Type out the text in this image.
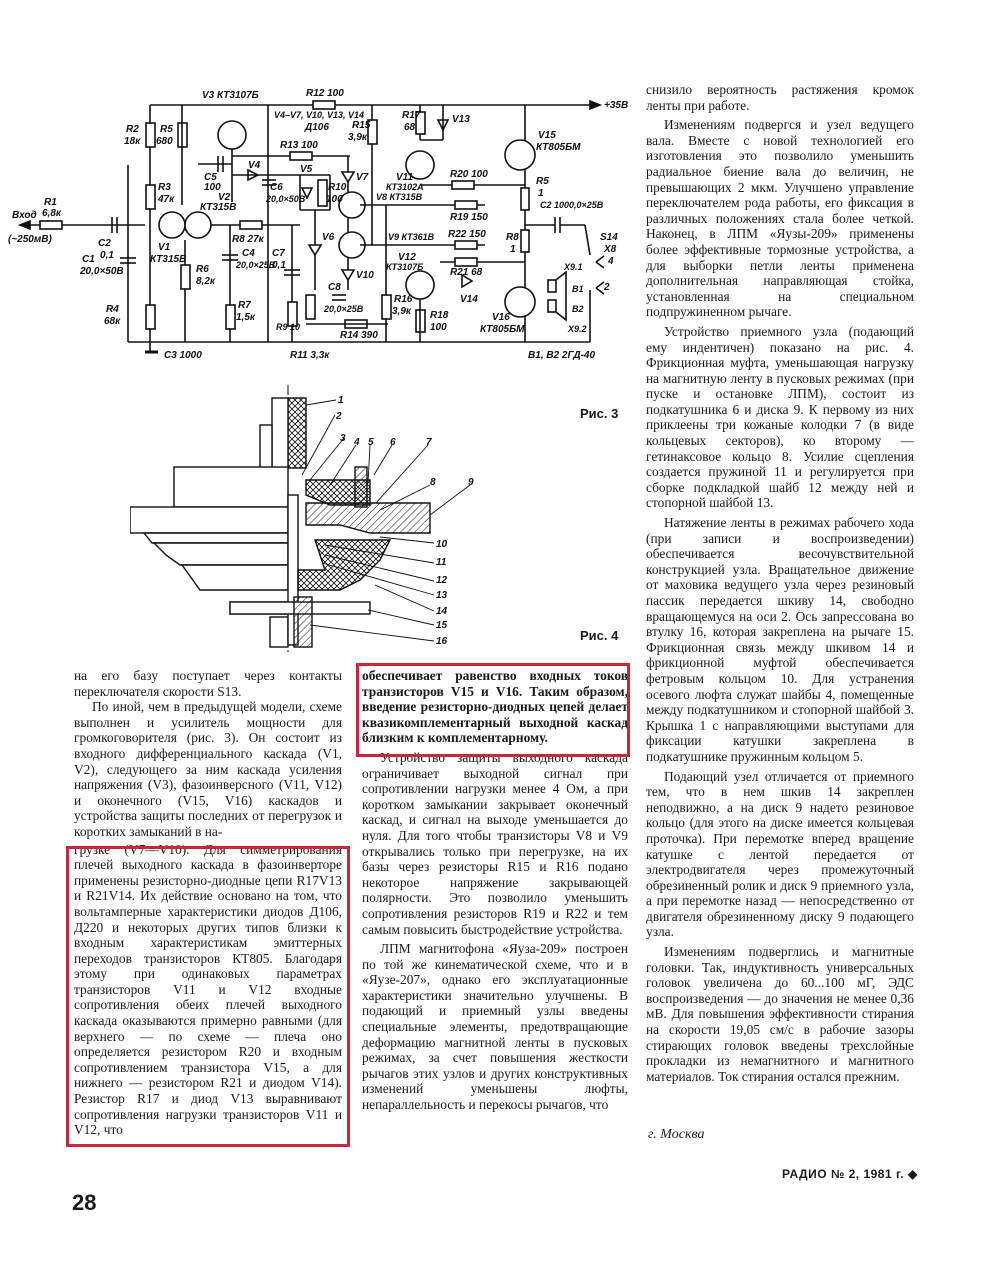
V3 КТ3107Б	R12 100
V4–V7, V10, V13, V14
Д106
R13 100
R2
18к
R5
680
R3
47к
R1
6,8к
Вход
(~250мВ)
C1
20,0×50В
C2
0,1
V1
КТ315В
V2
КТ315В
C5
100
V4
C6
20,0×50В
V5
R10
100
R8 27к
C4
20,0×25В
R6
8,2к
R4
68к
R7
1,5к
C7
0,1
R9 10
C3 1000	R11 3,3к
V6
V7
V8 КТ315В
V9 КТ361В
V10
C8
20,0×25В
R14 390
R15
3,9к
R16
3,9к
R17
68
V13
V11
КТ3102А
V12
КТ3107Б
R20 100
R19 150
R22 150
R21 68
V14
R18
100
V15
КТ805БМ
V16
КТ805БМ
R5
1
R8
1
+35В
C2 1000,0×25В
S14
X8
4
2
X9.1
X9.2
B1
B2
B1, B2 2ГД-40
Рис. 3
1
2
3 4 5 6	7
8	9
10
11
12
13
14
15
16	Рис. 4

снизило вероятность растяжения кромок ленты при работе.

Изменениям подвергся и узел ведущего вала. Вместе с новой технологией его изготовления это позволило уменьшить радиальное биение вала до величин, не превышающих 2 мкм. Улучшено управление переключателем рода работы, его фиксация в различных положениях стала более четкой. Наконец, в ЛПМ «Яузы-209» применены более эффективные тормозные устройства, а для выборки петли ленты применена дополнительная направляющая стойка, установленная на специальном подпружиненном рычаге.

Устройство приемного узла (подающий ему индентичен) показано на рис. 4. Фрикционная муфта, уменьшающая нагрузку на магнитную ленту в пусковых режимах (при пуске и остановке ЛПМ), состоит из подкатушника 6 и диска 9. К первому из них приклеены три кожаные колодки 7 (в виде кольцевых секторов), ко второму — гетинаксовое кольцо 8. Усилие сцепления создается пружиной 11 и регулируется при сборке подкладкой шайб 12 между ней и стопорной шайбой 13.

Натяжение ленты в режимах рабочего хода (при записи и воспроизведении) обеспечивается весочувствительной конструкцией узла. Вращательное движение от маховика ведущего узла через резиновый пассик передается шкиву 14, свободно вращающемуся на оси 2. Ось запрессована во втулку 16, которая закреплена на рычаге 15. Фрикционная связь между шкивом 14 и фрикционной муфтой обеспечивается фетровым кольцом 10. Для устранения осевого люфта служат шайбы 4, помещенные между подкатушником и стопорной шайбой 3. Крышка 1 с направляющими выступами для фиксации катушки закреплена в подкатушнике пружинным кольцом 5.

Подающий узел отличается от приемного тем, что в нем шкив 14 закреплен неподвижно, а на диск 9 надето резиновое кольцо (для этого на диске имеется кольцевая проточка). При перемотке вперед вращение катушке с лентой передается от электродвигателя через промежуточный обрезиненный ролик и диск 9 приемного узла, а при перемотке назад — непосредственно от двигателя обрезиненному диску 9 подающего узла.

Изменениям подверглись и магнитные головки. Так, индуктивность универсальных головок увеличена до 60...100 мГ, ЭДС воспроизведения — до значения не менее 0,36 мВ. Для повышения эффективности стирания на скорости 19,05 см/с в рабочие зазоры стирающих головок введены трехслойные прокладки из немагнитного и магнитного материалов. Ток стирания остался прежним.

г. Москва

на его базу поступает через контакты переключателя скорости S13.

По иной, чем в предыдущей модели, схеме выполнен и усилитель мощности для громкоговорителя (рис. 3). Он состоит из входного дифференциального каскада (V1, V2), следующего за ним каскада усиления напряжения (V3), фазоинверсного (V11, V12) и оконечного (V15, V16) каскадов и устройства защиты последних от перегрузок и коротких замыканий в на-

грузке (V7—V10). Для симметрирования плечей выходного каскада в фазоинверторе применены резисторно-диодные цепи R17V13 и R21V14. Их действие основано на том, что вольтамперные характеристики диодов Д106, Д220 и некоторых других типов близки к входным характеристикам эмиттерных переходов транзисторов КТ805. Благодаря этому при одинаковых параметрах транзисторов V11 и V12 входные сопротивления обеих плечей выходного каскада оказываются примерно равными (для верхнего — по схеме — плеча оно определяется резистором R20 и входным сопротивлением транзистора V15, а для нижнего — резистором R21 и диодом V14). Резистор R17 и диод V13 выравнивают сопротивления нагрузки транзисторов V11 и V12, что

обеспечивает равенство входных токов транзисторов V15 и V16. Таким образом, введение резисторно-диодных цепей делает квазикомплементарный выходной каскад близким к комплементарному.

Устройство защиты выходного каскада ограничивает выходной сигнал при сопротивлении нагрузки менее 4 Ом, а при коротком замыкании закрывает оконечный каскад, и сигнал на выходе уменьшается до нуля. Для того чтобы транзисторы V8 и V9 открывались только при перегрузке, на их базы через резисторы R15 и R16 подано некоторое напряжение закрывающей полярности. Это позволило уменьшить сопротивления резисторов R19 и R22 и тем самым повысить быстродействие устройства.

ЛПМ магнитофона «Яуза-209» построен по той же кинематической схеме, что и в «Яузе-207», однако его эксплуатационные характеристики значительно улучшены. В подающий и приемный узлы введены специальные элементы, предотвращающие деформацию магнитной ленты в пусковых режимах, за счет повышения жесткости рычагов этих узлов и других конструктивных изменений уменьшены люфты, непараллельность и перекосы рычагов, что

28
РАДИО № 2, 1981 г. ◆
